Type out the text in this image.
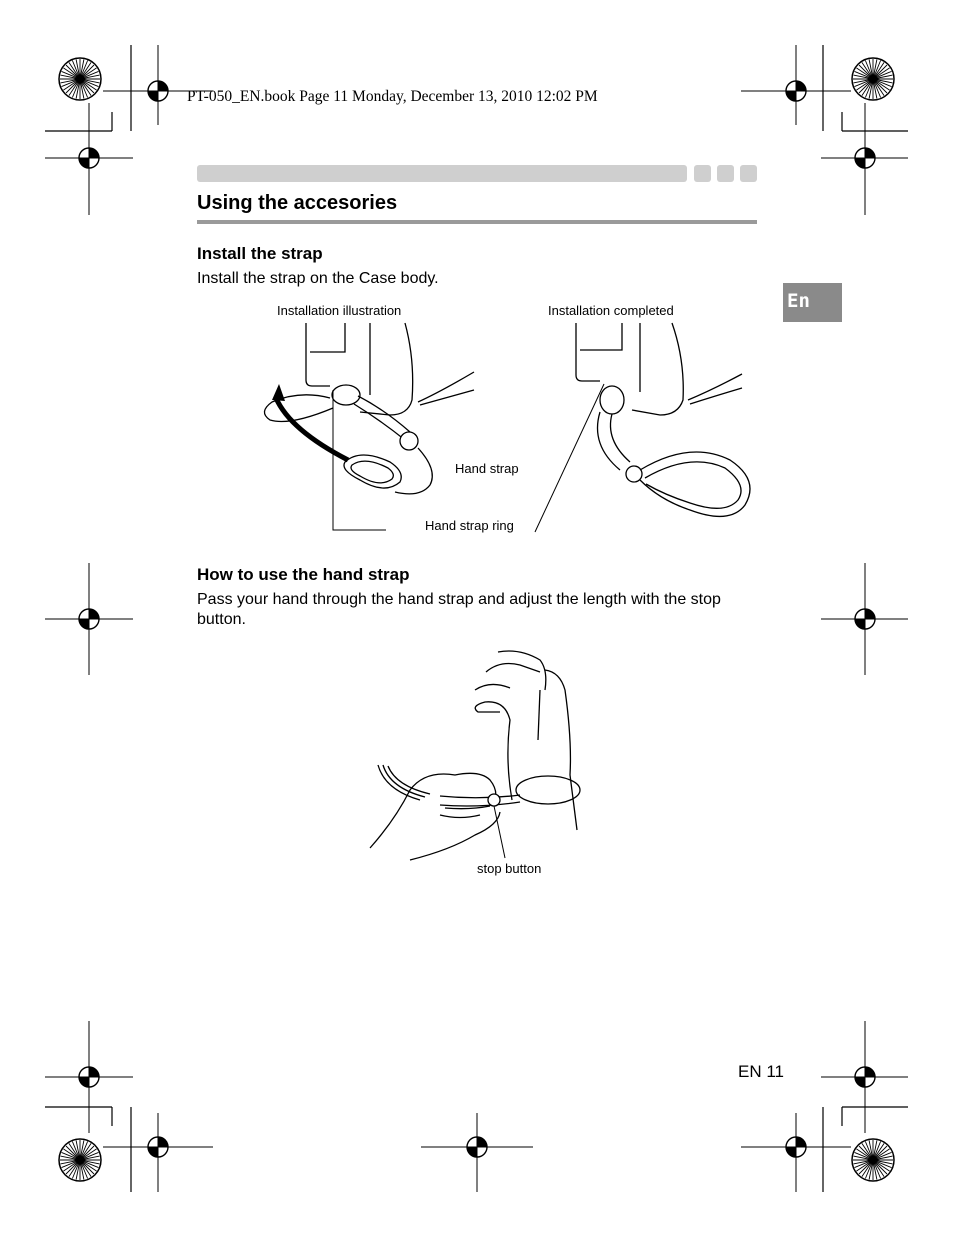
PT-050_EN.book Page 11 Monday, December 13, 2010 12:02 PM
Using the accesories
En
Install the strap
Install the strap on the Case body.
Installation illustration	Installation completed
Hand strap
Hand strap ring
How to use the hand strap
Pass your hand through the hand strap and adjust the length with the stop button.
stop button
EN 11
